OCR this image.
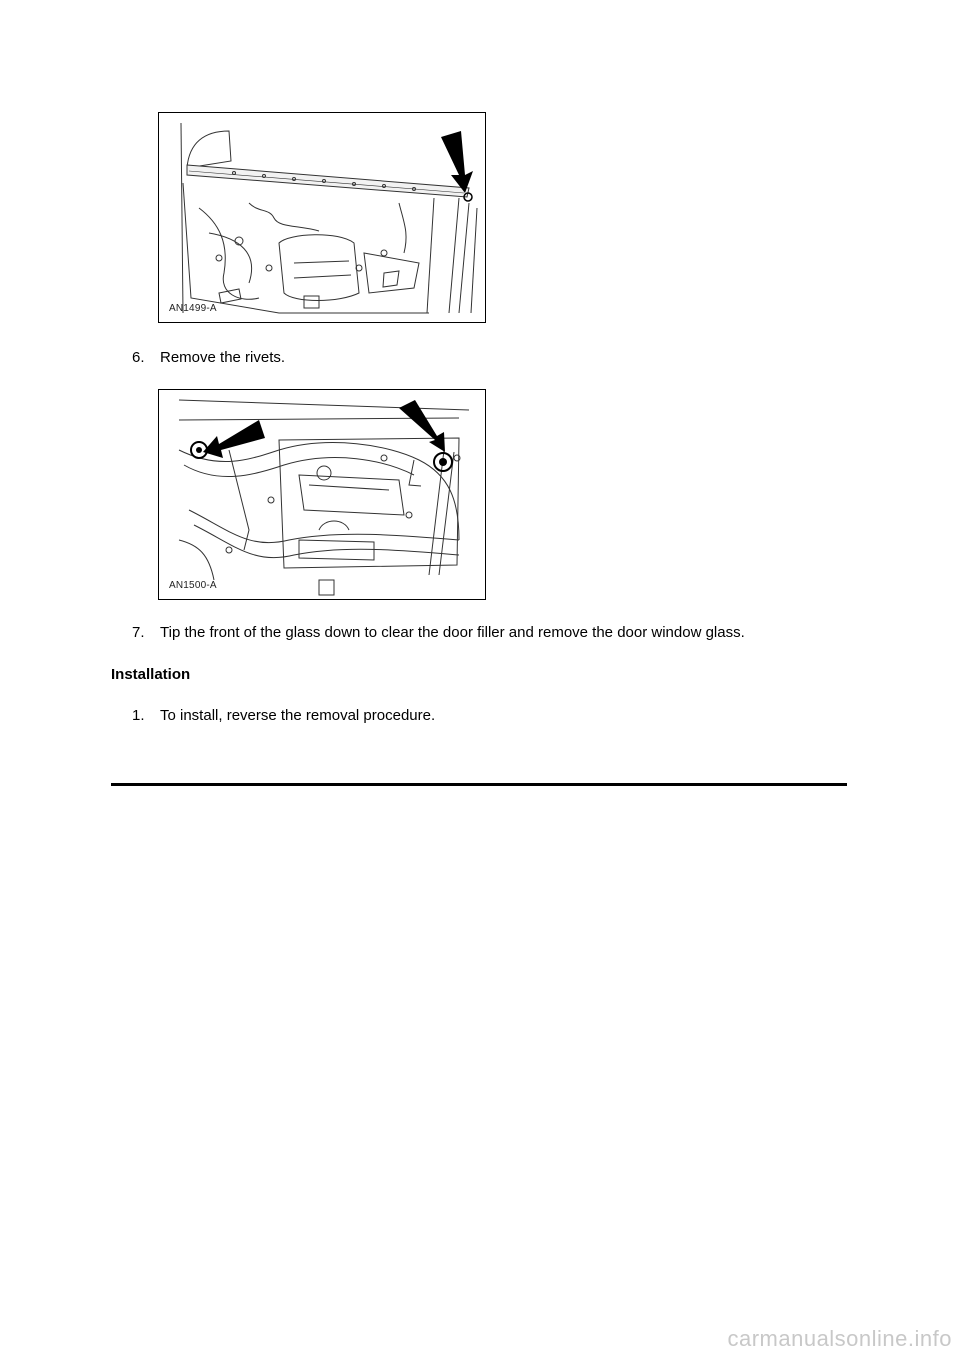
AN1499-A
6. Remove the rivets.
AN1500-A
7. Tip the front of the glass down to clear the door filler and remove the door window glass.
Installation
1. To install, reverse the removal procedure.
carmanualsonline.info
